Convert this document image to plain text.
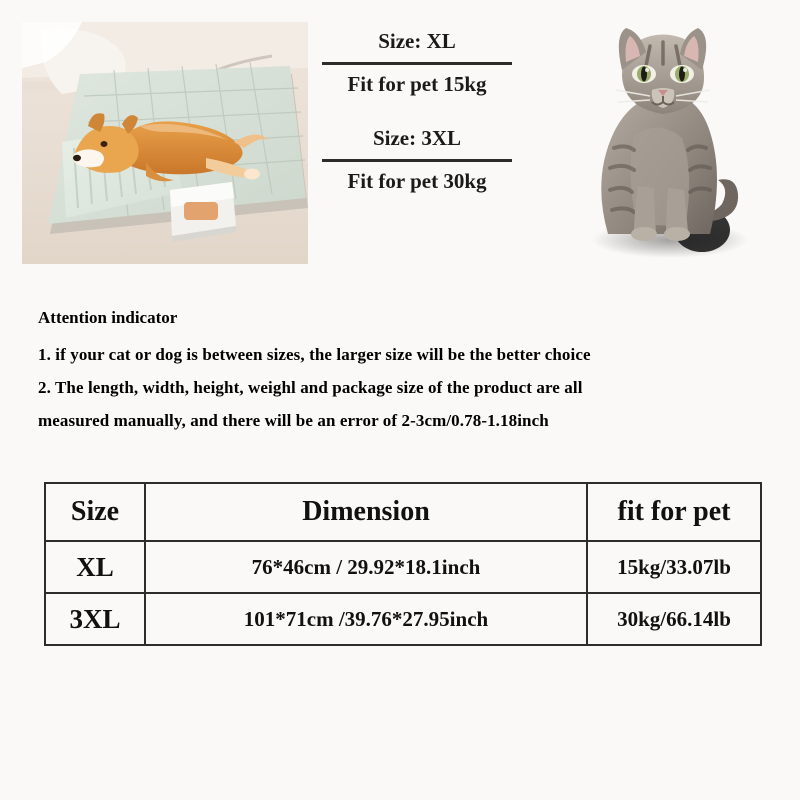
Size: XL
Fit for pet 15kg
Size: 3XL
Fit for pet 30kg
Attention indicator
1. if your cat or dog is between sizes, the larger size will be the better choice
2. The length, width, height, weighl and package size of the product are all
measured manually, and there will be an error of 2-3cm/0.78-1.18inch
Size	Dimension	fit for pet
XL	76*46cm / 29.92*18.1inch	15kg/33.07lb
3XL	101*71cm /39.76*27.95inch	30kg/66.14lb
